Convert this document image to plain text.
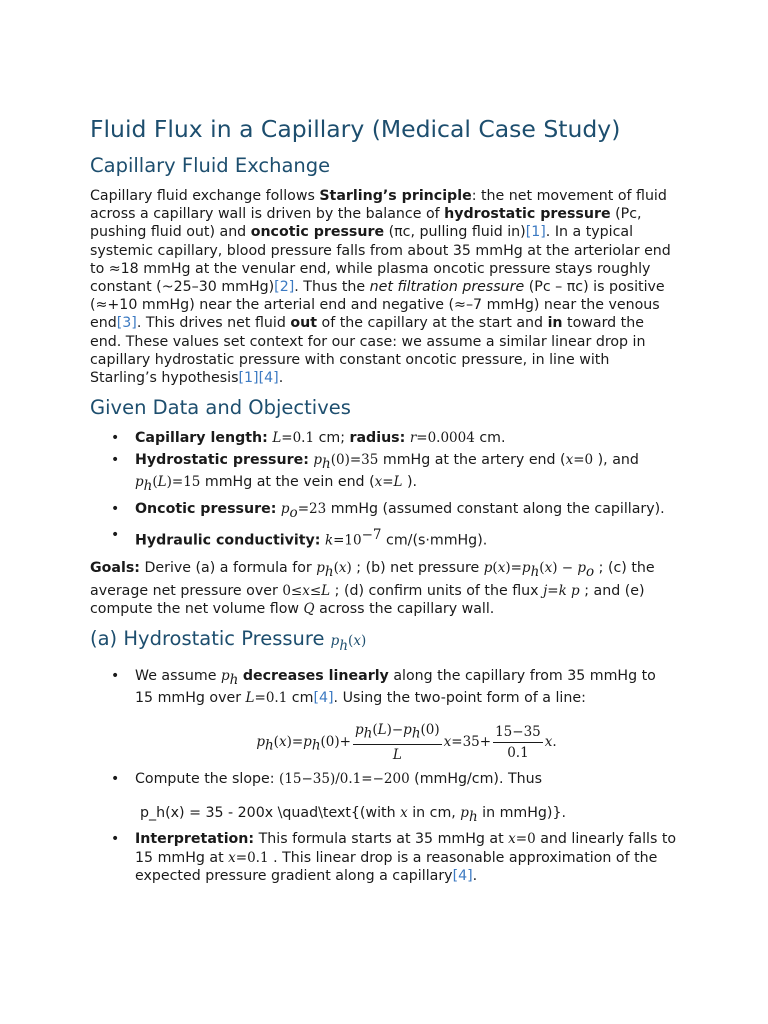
Fluid Flux in a Capillary (Medical Case Study)
Capillary Fluid Exchange

Capillary fluid exchange follows Starling’s principle: the net movement of fluid across a capillary wall is driven by the balance of hydrostatic pressure (Pc, pushing fluid out) and oncotic pressure (πc, pulling fluid in)[1]. In a typical systemic capillary, blood pressure falls from about 35 mmHg at the arteriolar end to ≈18 mmHg at the venular end, while plasma oncotic pressure stays roughly constant (~25–30 mmHg)[2]. Thus the net filtration pressure (Pc – πc) is positive (≈+10 mmHg) near the arterial end and negative (≈–7 mmHg) near the venous end[3]. This drives net fluid out of the capillary at the start and in toward the end. These values set context for our case: we assume a similar linear drop in capillary hydrostatic pressure with constant oncotic pressure, in line with Starling’s hypothesis[1][4].

Given Data and Objectives
• Capillary length: L=0.1 cm; radius: r=0.0004 cm.
• Hydrostatic pressure: $p_h(0)=35$ mmHg at the artery end (x=0 ), and $p_h(L)=15$ mmHg at the vein end (x=L ).
• Oncotic pressure: $p_o=23$ mmHg (assumed constant along the capillary).
• Hydraulic conductivity: $k=10^{-7}$ cm/(s·mmHg).

Goals: Derive (a) a formula for $p_h(x)$ ; (b) net pressure $p(x)=p_h(x) - p_o$ ; (c) the average net pressure over 0≤x≤L ; (d) confirm units of the flux j=k p ; and (e) compute the net volume flow Q across the capillary wall.

(a) Hydrostatic Pressure $p_h(x)$
• We assume $p_h$ decreases linearly along the capillary from 35 mmHg to 15 mmHg over L=0.1 cm[4]. Using the two-point form of a line:
$p_h(x)=p_h(0)+ \frac{p_h(L)-p_h(0)}{L} x=35+ \frac{15-35}{0.1} x$.
• Compute the slope: (15−35)/0.1=−200 (mmHg/cm). Thus
p_h(x) = 35 - 200x \quad\text{(with x in cm, $p_h$ in mmHg)}.
• Interpretation: This formula starts at 35 mmHg at x=0 and linearly falls to 15 mmHg at x=0.1 . This linear drop is a reasonable approximation of the expected pressure gradient along a capillary[4].
